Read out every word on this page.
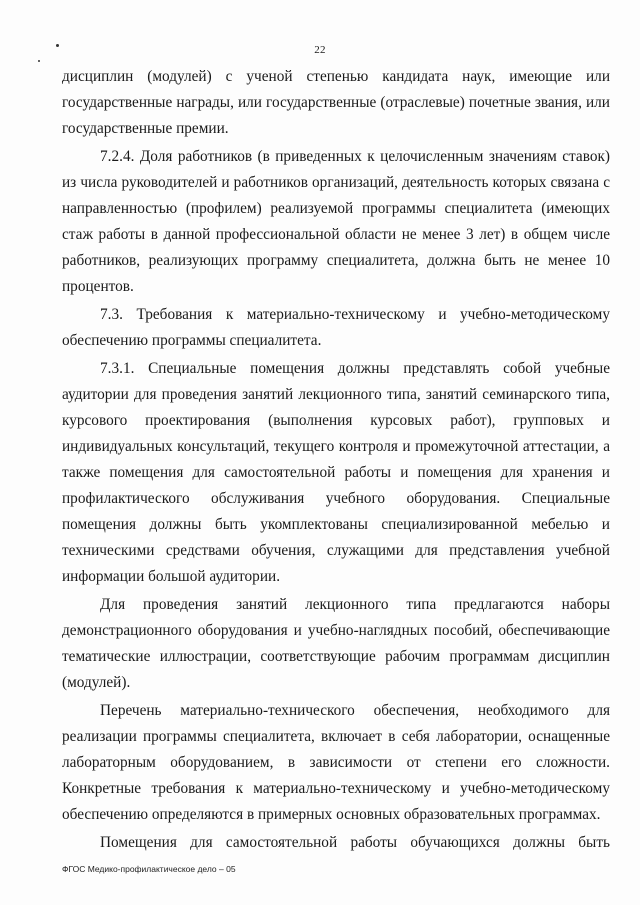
22

дисциплин (модулей) с ученой степенью кандидата наук, имеющие или государственные награды, или государственные (отраслевые) почетные звания, или государственные премии.

7.2.4. Доля работников (в приведенных к целочисленным значениям ставок) из числа руководителей и работников организаций, деятельность которых связана с направленностью (профилем) реализуемой программы специалитета (имеющих стаж работы в данной профессиональной области не менее 3 лет) в общем числе работников, реализующих программу специалитета, должна быть не менее 10 процентов.

7.3. Требования к материально-техническому и учебно-методическому обеспечению программы специалитета.

7.3.1. Специальные помещения должны представлять собой учебные аудитории для проведения занятий лекционного типа, занятий семинарского типа, курсового проектирования (выполнения курсовых работ), групповых и индивидуальных консультаций, текущего контроля и промежуточной аттестации, а также помещения для самостоятельной работы и помещения для хранения и профилактического обслуживания учебного оборудования. Специальные помещения должны быть укомплектованы специализированной мебелью и техническими средствами обучения, служащими для представления учебной информации большой аудитории.

Для проведения занятий лекционного типа предлагаются наборы демонстрационного оборудования и учебно-наглядных пособий, обеспечивающие тематические иллюстрации, соответствующие рабочим программам дисциплин (модулей).

Перечень материально-технического обеспечения, необходимого для реализации программы специалитета, включает в себя лаборатории, оснащенные лабораторным оборудованием, в зависимости от степени его сложности. Конкретные требования к материально-техническому и учебно-методическому обеспечению определяются в примерных основных образовательных программах.

Помещения для самостоятельной работы обучающихся должны быть

ФГОС Медико-профилактическое дело – 05
